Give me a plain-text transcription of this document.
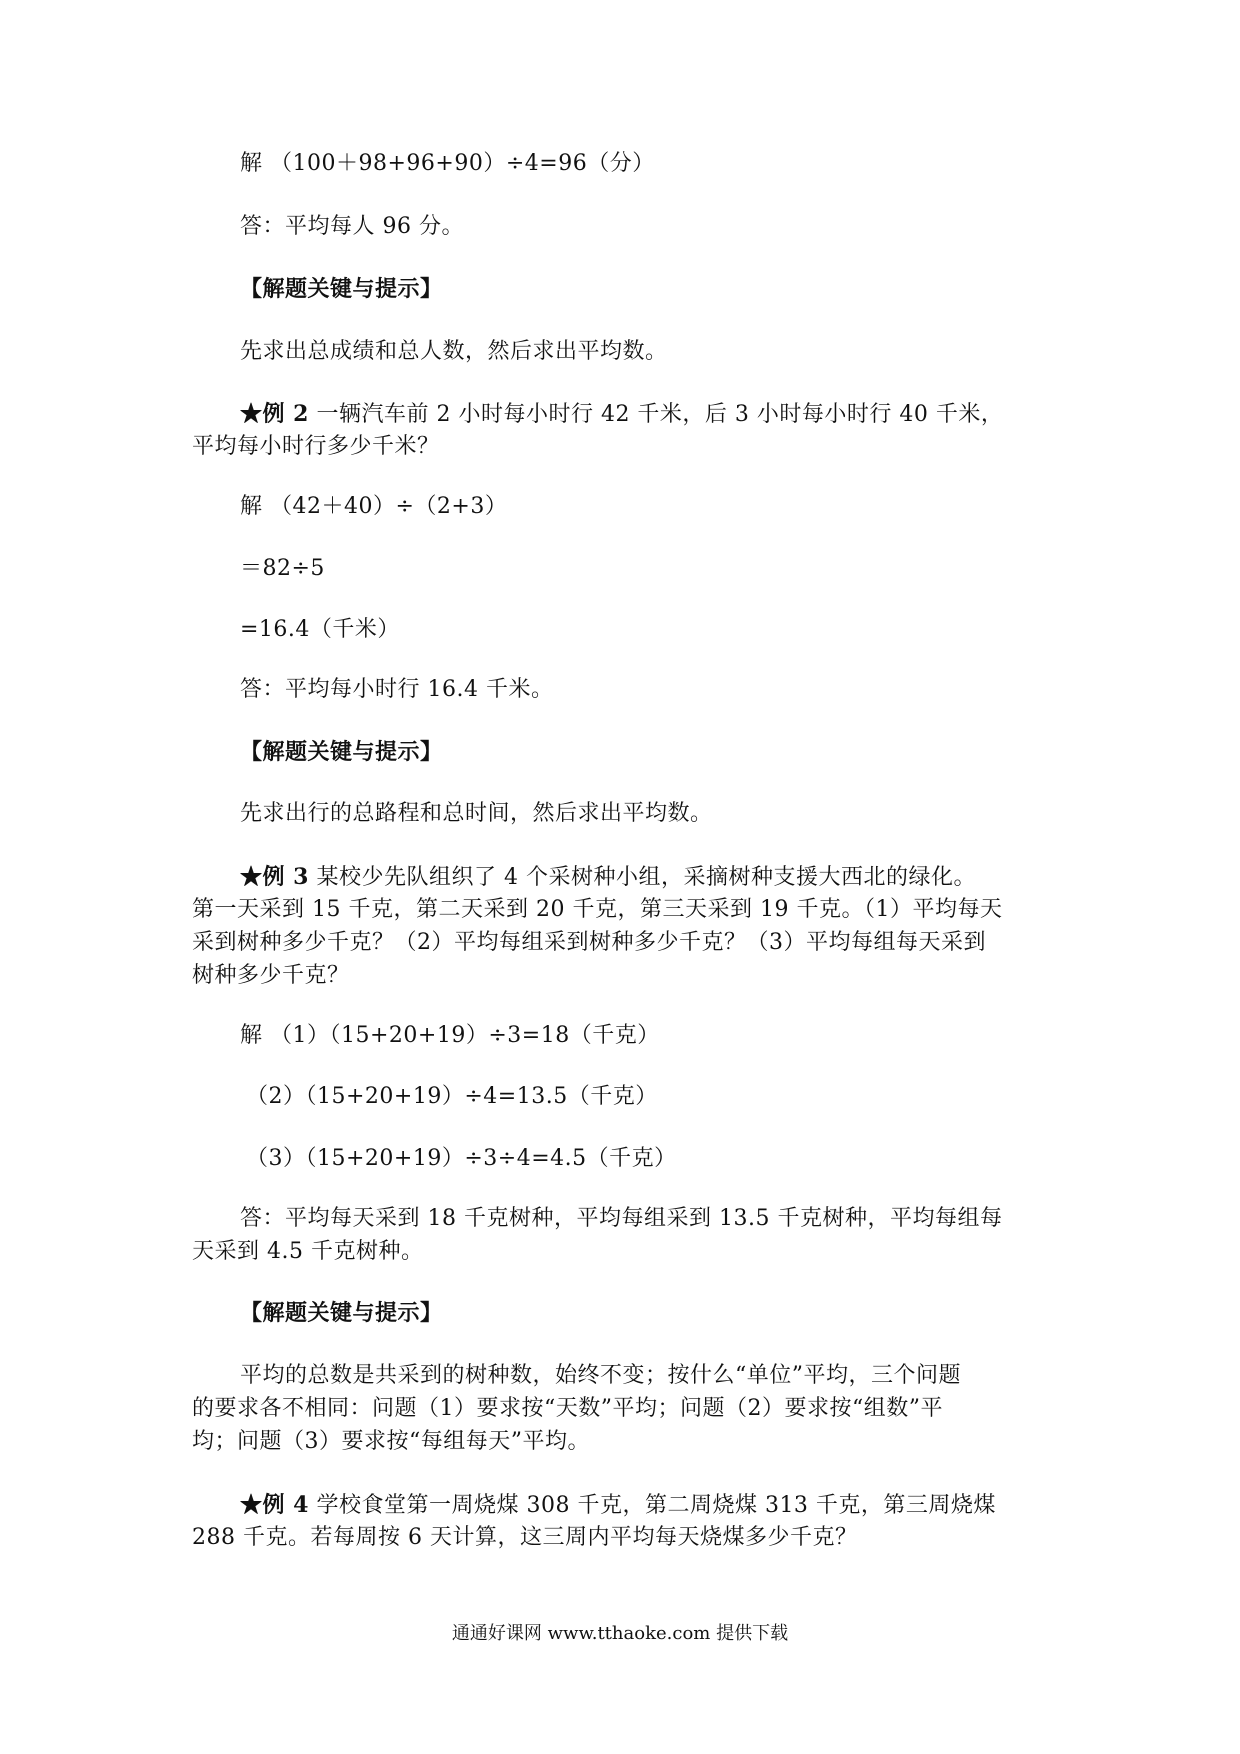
解 （100＋98+96+90）÷4=96（分）
答：平均每人 96 分。
【解题关键与提示】
先求出总成绩和总人数，然后求出平均数。
★例 2 一辆汽车前 2 小时每小时行 42 千米，后 3 小时每小时行 40 千米，
平均每小时行多少千米？
解 （42＋40）÷（2+3）
＝82÷5
=16.4（千米）
答：平均每小时行 16.4 千米。
【解题关键与提示】
先求出行的总路程和总时间，然后求出平均数。
★例 3 某校少先队组织了 4 个采树种小组，采摘树种支援大西北的绿化。
第一天采到 15 千克，第二天采到 20 千克，第三天采到 19 千克。（1）平均每天
采到树种多少千克？（2）平均每组采到树种多少千克？（3）平均每组每天采到
树种多少千克？
解 （1）（15+20+19）÷3=18（千克）
（2）（15+20+19）÷4=13.5（千克）
（3）（15+20+19）÷3÷4=4.5（千克）
答：平均每天采到 18 千克树种，平均每组采到 13.5 千克树种，平均每组每
天采到 4.5 千克树种。
【解题关键与提示】
平均的总数是共采到的树种数，始终不变；按什么“单位”平均，三个问题
的要求各不相同：问题（1）要求按“天数”平均；问题（2）要求按“组数”平
均；问题（3）要求按“每组每天”平均。
★例 4 学校食堂第一周烧煤 308 千克，第二周烧煤 313 千克，第三周烧煤
288 千克。若每周按 6 天计算，这三周内平均每天烧煤多少千克？
通通好课网 www.tthaoke.com 提供下载
